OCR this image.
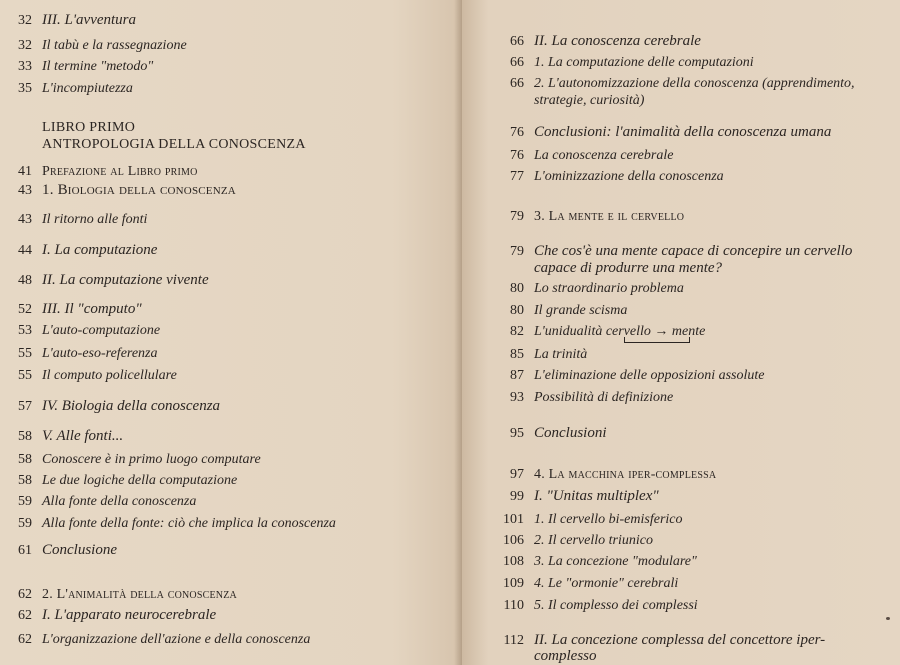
32 III. L'avventura
32 Il tabù e la rassegnazione
33 Il termine "metodo"
35 L'incompiutezza
LIBRO PRIMO
ANTROPOLOGIA DELLA CONOSCENZA
41 Prefazione al Libro primo
43 1. Biologia della conoscenza
43 Il ritorno alle fonti
44 I. La computazione
48 II. La computazione vivente
52 III. Il "computo"
53 L'auto-computazione
55 L'auto-eso-referenza
55 Il computo policellulare
57 IV. Biologia della conoscenza
58 V. Alle fonti...
58 Conoscere è in primo luogo computare
58 Le due logiche della computazione
59 Alla fonte della conoscenza
59 Alla fonte della fonte: ciò che implica la conoscenza
61 Conclusione
62 2. L'animalità della conoscenza
62 I. L'apparato neurocerebrale
62 L'organizzazione dell'azione e della conoscenza
66 II. La conoscenza cerebrale
66 1. La computazione delle computazioni
66 2. L'autonomizzazione della conoscenza (apprendimento, strategie, curiosità)
76 Conclusioni: l'animalità della conoscenza umana
76 La conoscenza cerebrale
77 L'ominizzazione della conoscenza
79 3. La mente e il cervello
79 Che cos'è una mente capace di concepire un cervello capace di produrre una mente?
80 Lo straordinario problema
80 Il grande scisma
82 L'unidualità cervello → mente
85 La trinità
87 L'eliminazione delle opposizioni assolute
93 Possibilità di definizione
95 Conclusioni
97 4. La macchina iper-complessa
99 I. "Unitas multiplex"
101 1. Il cervello bi-emisferico
106 2. Il cervello triunico
108 3. La concezione "modulare"
109 4. Le "ormonie" cerebrali
110 5. Il complesso dei complessi
112 II. La concezione complessa del concettore iper-complesso
